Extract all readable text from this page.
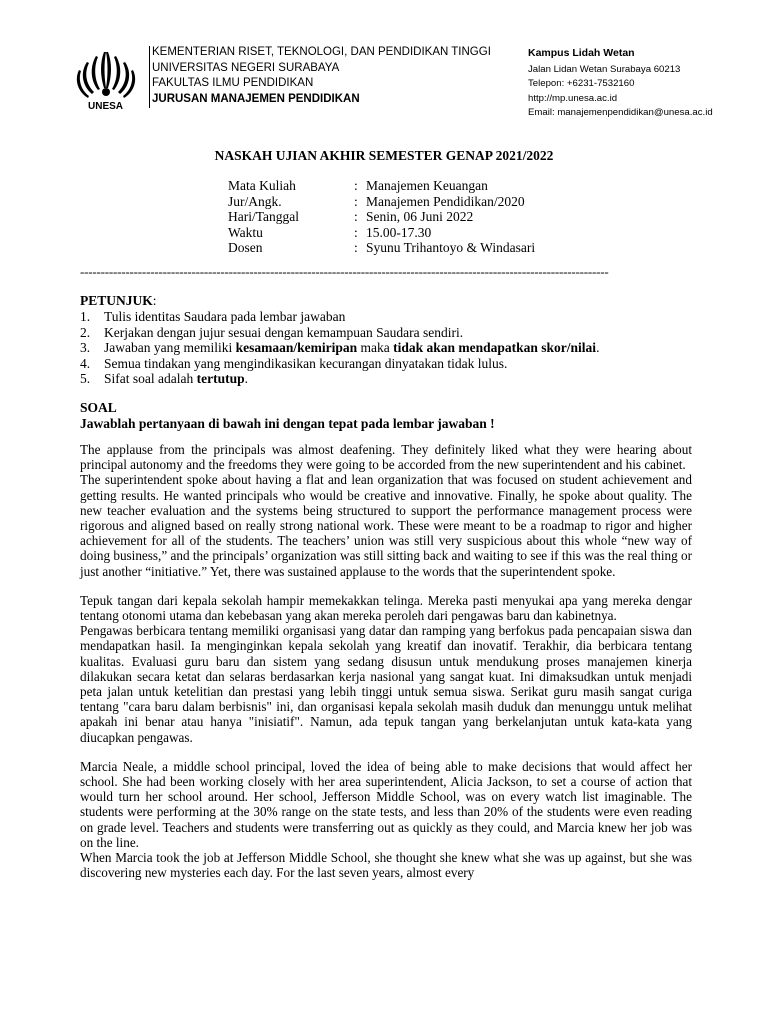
UNESA
KEMENTERIAN RISET, TEKNOLOGI, DAN PENDIDIKAN TINGGI
UNIVERSITAS NEGERI SURABAYA
FAKULTAS ILMU PENDIDIKAN
JURUSAN MANAJEMEN PENDIDIKAN
Kampus Lidah Wetan
Jalan Lidan Wetan Surabaya 60213
Telepon: +6231-7532160
http://mp.unesa.ac.id
Email: manajemenpendidikan@unesa.ac.id
NASKAH UJIAN AKHIR SEMESTER GENAP 2021/2022
Mata Kuliah	: Manajemen Keuangan
Jur/Angk.	: Manajemen Pendidikan/2020
Hari/Tanggal	: Senin, 06 Juni 2022
Waktu	: 15.00-17.30
Dosen	: Syunu Trihantoyo & Windasari
--------------------------------------------------------------------------------------------------------------------------------
PETUNJUK:
1.	Tulis identitas Saudara pada lembar jawaban
2.	Kerjakan dengan jujur sesuai dengan kemampuan Saudara sendiri.
3.	Jawaban yang memiliki kesamaan/kemiripan maka tidak akan mendapatkan skor/nilai.
4.	Semua tindakan yang mengindikasikan kecurangan dinyatakan tidak lulus.
5.	Sifat soal adalah tertutup.
SOAL
Jawablah pertanyaan di bawah ini dengan tepat pada lembar jawaban !

The applause from the principals was almost deafening. They definitely liked what they were hearing about principal autonomy and the freedoms they were going to be accorded from the new superintendent and his cabinet.

The superintendent spoke about having a flat and lean organization that was focused on student achievement and getting results. He wanted principals who would be creative and innovative. Finally, he spoke about quality. The new teacher evaluation and the systems being structured to support the performance management process were rigorous and aligned based on really strong national work. These were meant to be a roadmap to rigor and higher achievement for all of the students. The teachers’ union was still very suspicious about this whole “new way of doing business,” and the principals’ organization was still sitting back and waiting to see if this was the real thing or just another “initiative.” Yet, there was sustained applause to the words that the superintendent spoke.

Tepuk tangan dari kepala sekolah hampir memekakkan telinga. Mereka pasti menyukai apa yang mereka dengar tentang otonomi utama dan kebebasan yang akan mereka peroleh dari pengawas baru dan kabinetnya.

Pengawas berbicara tentang memiliki organisasi yang datar dan ramping yang berfokus pada pencapaian siswa dan mendapatkan hasil. Ia menginginkan kepala sekolah yang kreatif dan inovatif. Terakhir, dia berbicara tentang kualitas. Evaluasi guru baru dan sistem yang sedang disusun untuk mendukung proses manajemen kinerja dilakukan secara ketat dan selaras berdasarkan kerja nasional yang sangat kuat. Ini dimaksudkan untuk menjadi peta jalan untuk ketelitian dan prestasi yang lebih tinggi untuk semua siswa. Serikat guru masih sangat curiga tentang "cara baru dalam berbisnis" ini, dan organisasi kepala sekolah masih duduk dan menunggu untuk melihat apakah ini benar atau hanya "inisiatif". Namun, ada tepuk tangan yang berkelanjutan untuk kata-kata yang diucapkan pengawas.

Marcia Neale, a middle school principal, loved the idea of being able to make decisions that would affect her school. She had been working closely with her area superintendent, Alicia Jackson, to set a course of action that would turn her school around. Her school, Jefferson Middle School, was on every watch list imaginable. The students were performing at the 30% range on the state tests, and less than 20% of the students were even reading on grade level. Teachers and students were transferring out as quickly as they could, and Marcia knew her job was on the line.

When Marcia took the job at Jefferson Middle School, she thought she knew what she was up against, but she was discovering new mysteries each day. For the last seven years, almost every
